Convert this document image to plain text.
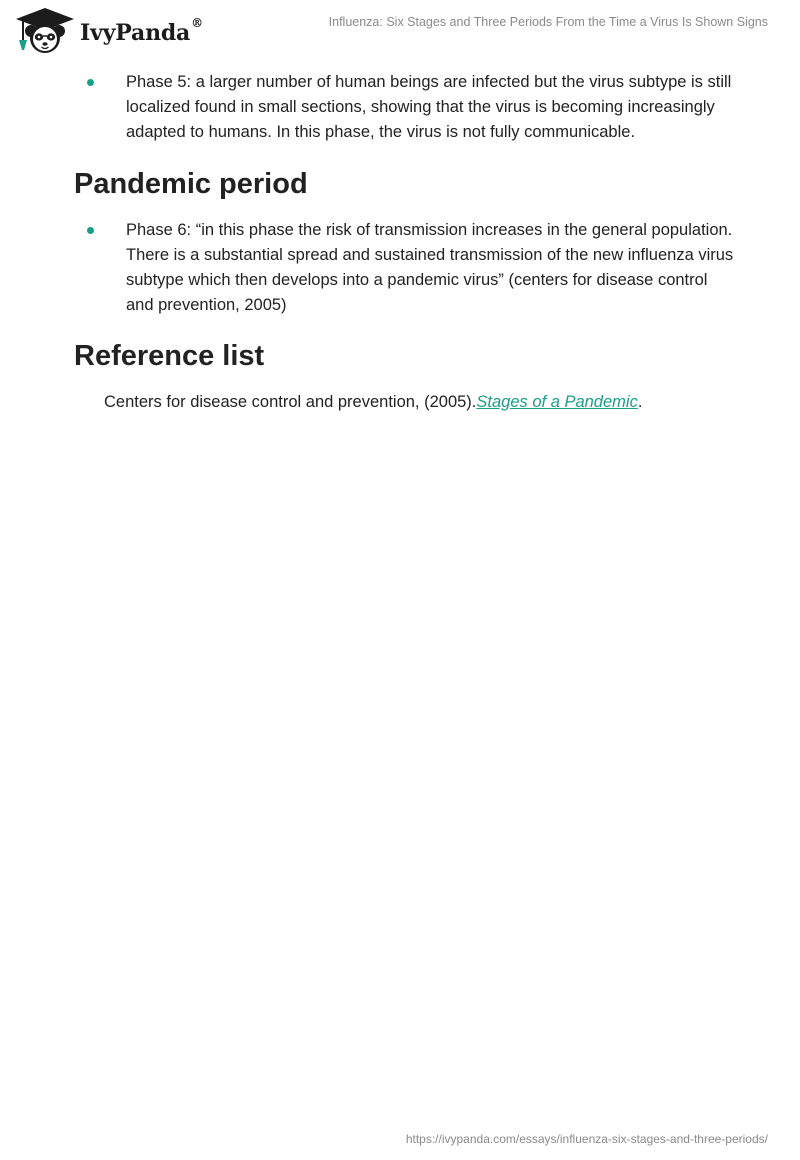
IvyPanda®	Influenza: Six Stages and Three Periods From the Time a Virus Is Shown Signs
Phase 5: a larger number of human beings are infected but the virus subtype is still localized found in small sections, showing that the virus is becoming increasingly adapted to humans. In this phase, the virus is not fully communicable.
Pandemic period
Phase 6: “in this phase the risk of transmission increases in the general population. There is a substantial spread and sustained transmission of the new influenza virus subtype which then develops into a pandemic virus” (centers for disease control and prevention, 2005)
Reference list
Centers for disease control and prevention, (2005).Stages of a Pandemic.
https://ivypanda.com/essays/influenza-six-stages-and-three-periods/
